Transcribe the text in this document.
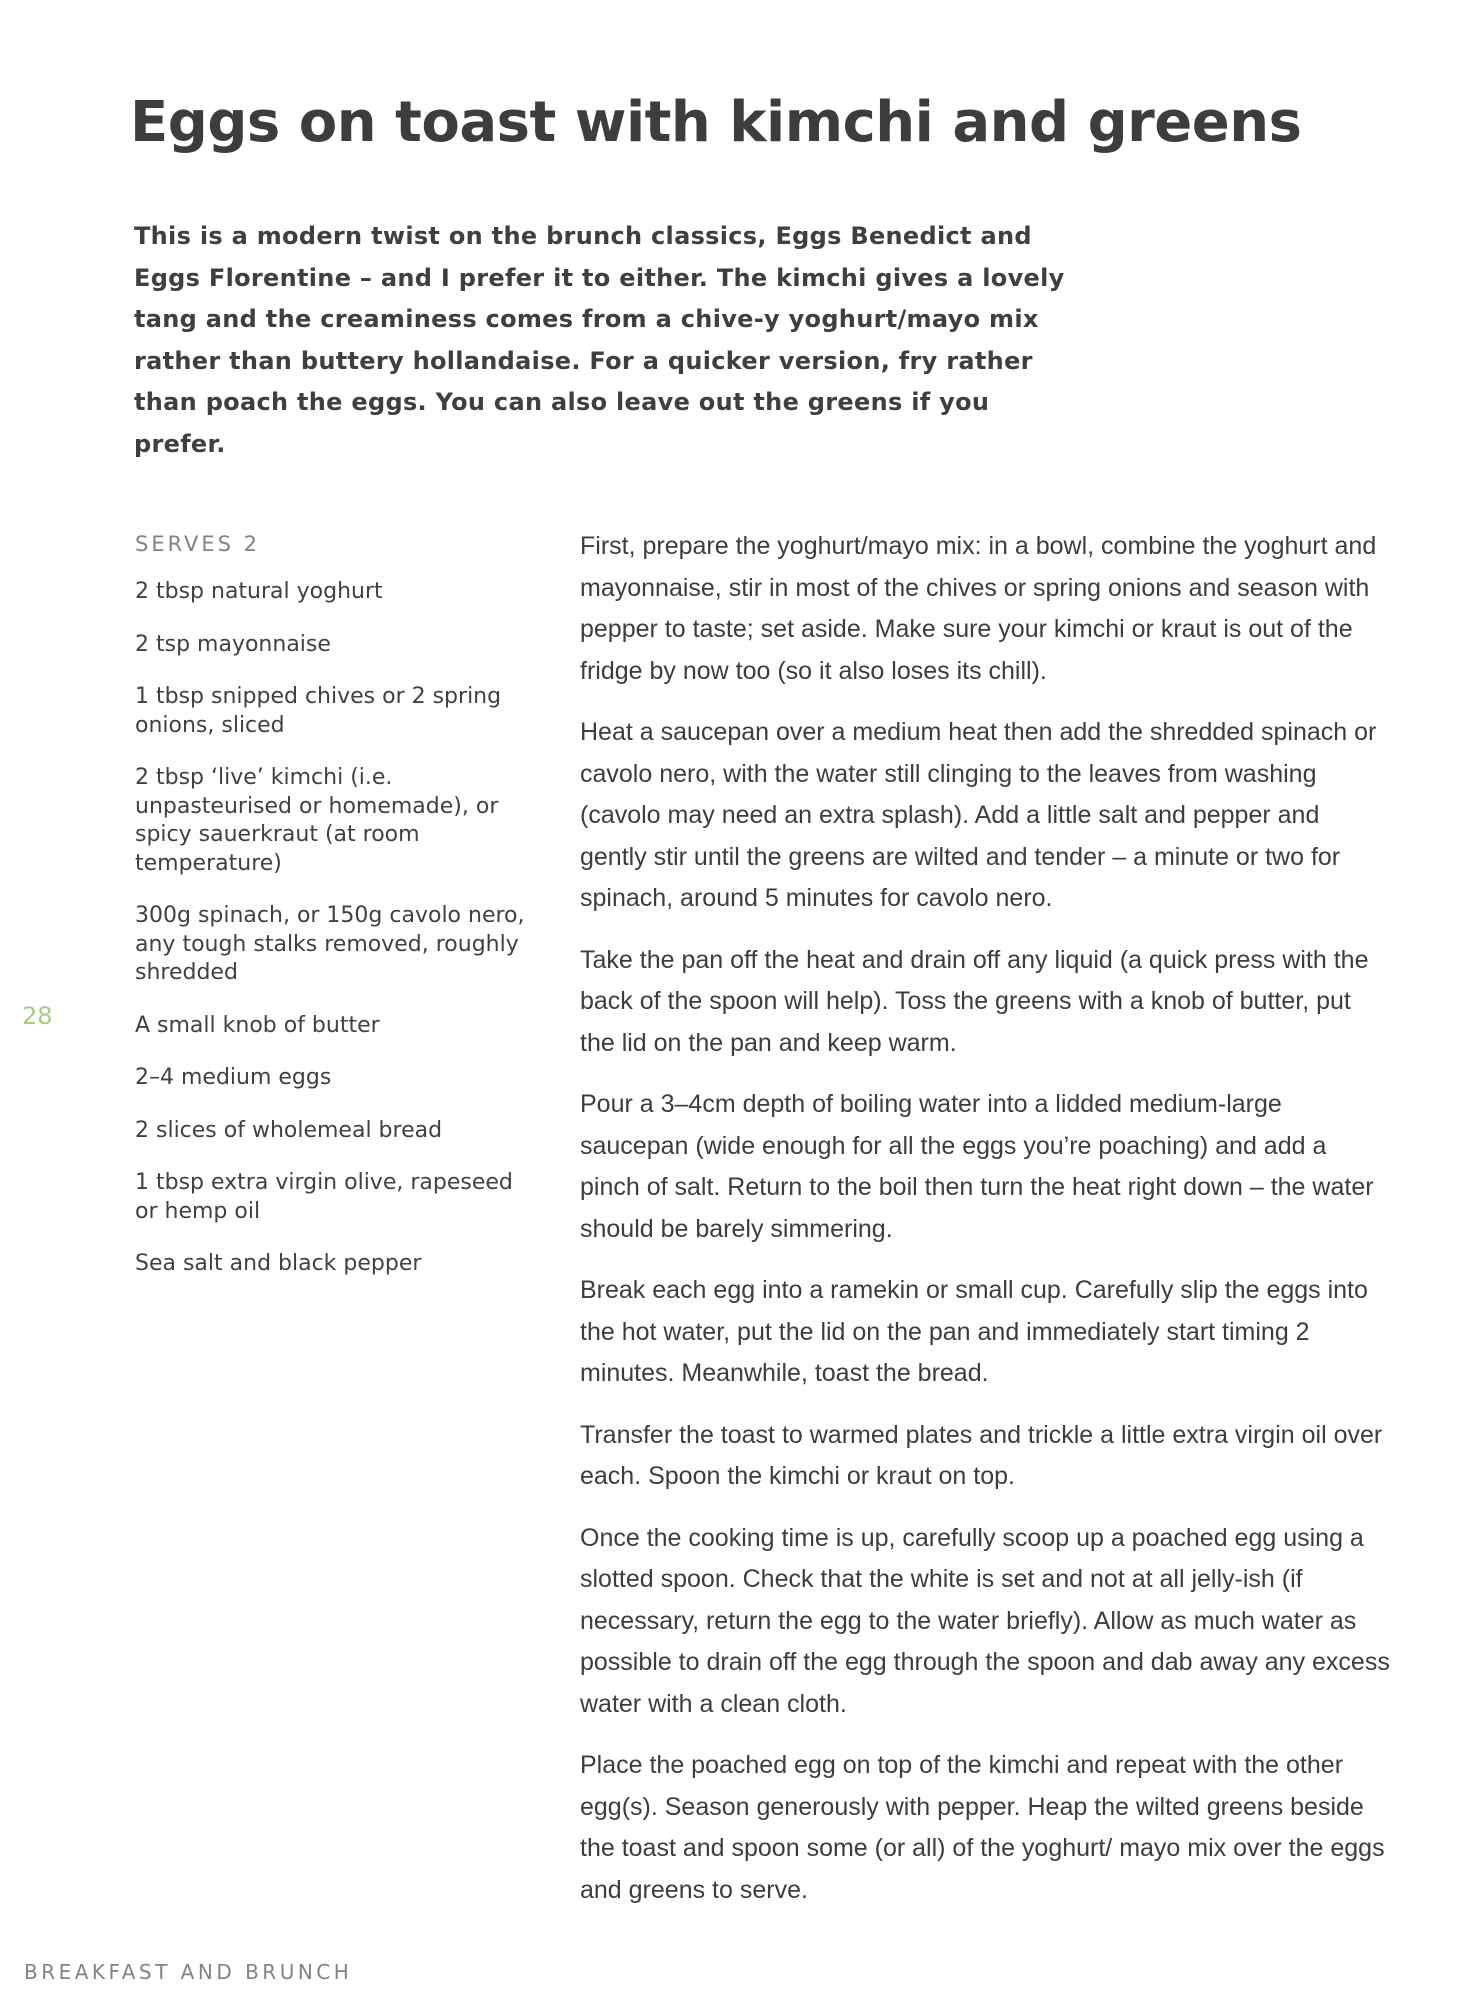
Eggs on toast with kimchi and greens

This is a modern twist on the brunch classics, Eggs Benedict and Eggs Florentine – and I prefer it to either. The kimchi gives a lovely tang and the creaminess comes from a chive-y yoghurt/mayo mix rather than buttery hollandaise. For a quicker version, fry rather than poach the eggs. You can also leave out the greens if you prefer.

SERVES 2
2 tbsp natural yoghurt
2 tsp mayonnaise
1 tbsp snipped chives or 2 spring onions, sliced
2 tbsp ‘live’ kimchi (i.e. unpasteurised or homemade), or spicy sauerkraut (at room temperature)
300g spinach, or 150g cavolo nero, any tough stalks removed, roughly shredded
A small knob of butter
2–4 medium eggs
2 slices of wholemeal bread
1 tbsp extra virgin olive, rapeseed or hemp oil
Sea salt and black pepper

First, prepare the yoghurt/mayo mix: in a bowl, combine the yoghurt and mayonnaise, stir in most of the chives or spring onions and season with pepper to taste; set aside. Make sure your kimchi or kraut is out of the fridge by now too (so it also loses its chill).

Heat a saucepan over a medium heat then add the shredded spinach or cavolo nero, with the water still clinging to the leaves from washing (cavolo may need an extra splash). Add a little salt and pepper and gently stir until the greens are wilted and tender – a minute or two for spinach, around 5 minutes for cavolo nero.

Take the pan off the heat and drain off any liquid (a quick press with the back of the spoon will help). Toss the greens with a knob of butter, put the lid on the pan and keep warm.

Pour a 3–4cm depth of boiling water into a lidded medium-large saucepan (wide enough for all the eggs you’re poaching) and add a pinch of salt. Return to the boil then turn the heat right down – the water should be barely simmering.

Break each egg into a ramekin or small cup. Carefully slip the eggs into the hot water, put the lid on the pan and immediately start timing 2 minutes. Meanwhile, toast the bread.

Transfer the toast to warmed plates and trickle a little extra virgin oil over each. Spoon the kimchi or kraut on top.

Once the cooking time is up, carefully scoop up a poached egg using a slotted spoon. Check that the white is set and not at all jelly-ish (if necessary, return the egg to the water briefly). Allow as much water as possible to drain off the egg through the spoon and dab away any excess water with a clean cloth.

Place the poached egg on top of the kimchi and repeat with the other egg(s). Season generously with pepper. Heap the wilted greens beside the toast and spoon some (or all) of the yoghurt/ mayo mix over the eggs and greens to serve.

28
BREAKFAST AND BRUNCH
